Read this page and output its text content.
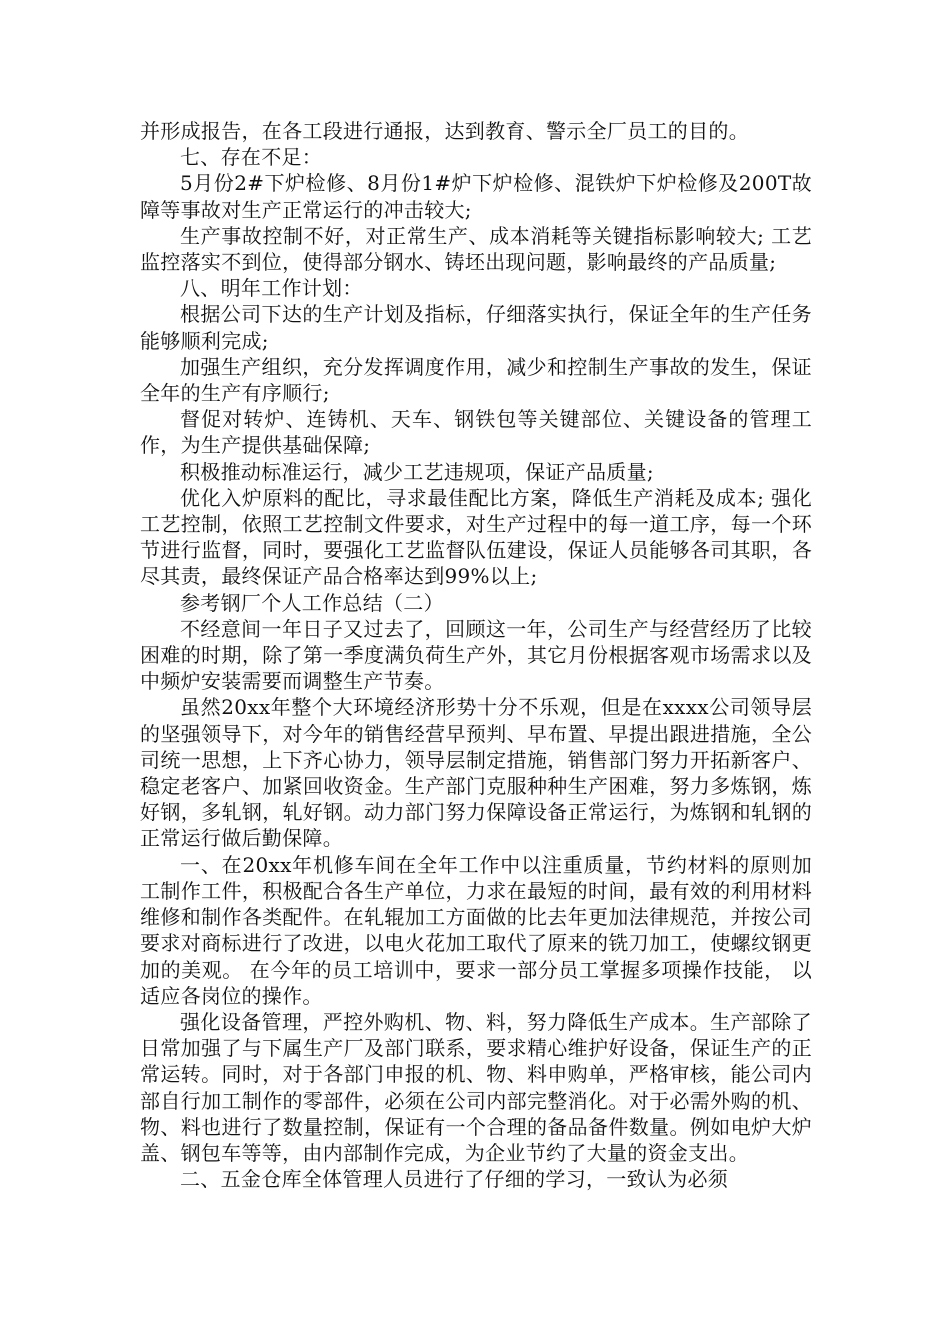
并形成报告，在各工段进行通报，达到教育、警示全厂员工的目的。

七、存在不足：

5月份2#下炉检修、8月份1#炉下炉检修、混铁炉下炉检修及200T故障等事故对生产正常运行的冲击较大;

生产事故控制不好，对正常生产、成本消耗等关键指标影响较大; 工艺监控落实不到位，使得部分钢水、铸坯出现问题，影响最终的产品质量;

八、明年工作计划：

根据公司下达的生产计划及指标，仔细落实执行，保证全年的生产任务能够顺利完成;

加强生产组织，充分发挥调度作用，减少和控制生产事故的发生，保证全年的生产有序顺行;

督促对转炉、连铸机、天车、钢铁包等关键部位、关键设备的管理工作，为生产提供基础保障;

积极推动标准运行，减少工艺违规项，保证产品质量;

优化入炉原料的配比，寻求最佳配比方案，降低生产消耗及成本; 强化工艺控制，依照工艺控制文件要求，对生产过程中的每一道工序，每一个环节进行监督，同时，要强化工艺监督队伍建设，保证人员能够各司其职，各尽其责，最终保证产品合格率达到99%以上;

参考钢厂个人工作总结（二）

不经意间一年日子又过去了，回顾这一年，公司生产与经营经历了比较困难的时期，除了第一季度满负荷生产外，其它月份根据客观市场需求以及中频炉安装需要而调整生产节奏。

虽然20xx年整个大环境经济形势十分不乐观，但是在xxxx公司领导层的坚强领导下，对今年的销售经营早预判、早布置、早提出跟进措施，全公司统一思想，上下齐心协力，领导层制定措施，销售部门努力开拓新客户、稳定老客户、加紧回收资金。生产部门克服种种生产困难，努力多炼钢，炼好钢，多轧钢，轧好钢。动力部门努力保障设备正常运行，为炼钢和轧钢的正常运行做后勤保障。

一、在20xx年机修车间在全年工作中以注重质量，节约材料的原则加工制作工件，积极配合各生产单位，力求在最短的时间，最有效的利用材料维修和制作各类配件。在轧辊加工方面做的比去年更加法律规范，并按公司要求对商标进行了改进，以电火花加工取代了原来的铣刀加工，使螺纹钢更加的美观。 在今年的员工培训中，要求一部分员工掌握多项操作技能， 以适应各岗位的操作。

强化设备管理，严控外购机、物、料，努力降低生产成本。生产部除了日常加强了与下属生产厂及部门联系，要求精心维护好设备，保证生产的正常运转。同时，对于各部门申报的机、物、料申购单，严格审核，能公司内部自行加工制作的零部件，必须在公司内部完整消化。对于必需外购的机、物、料也进行了数量控制，保证有一个合理的备品备件数量。例如电炉大炉盖、钢包车等等，由内部制作完成，为企业节约了大量的资金支出。

二、五金仓库全体管理人员进行了仔细的学习，一致认为必须
